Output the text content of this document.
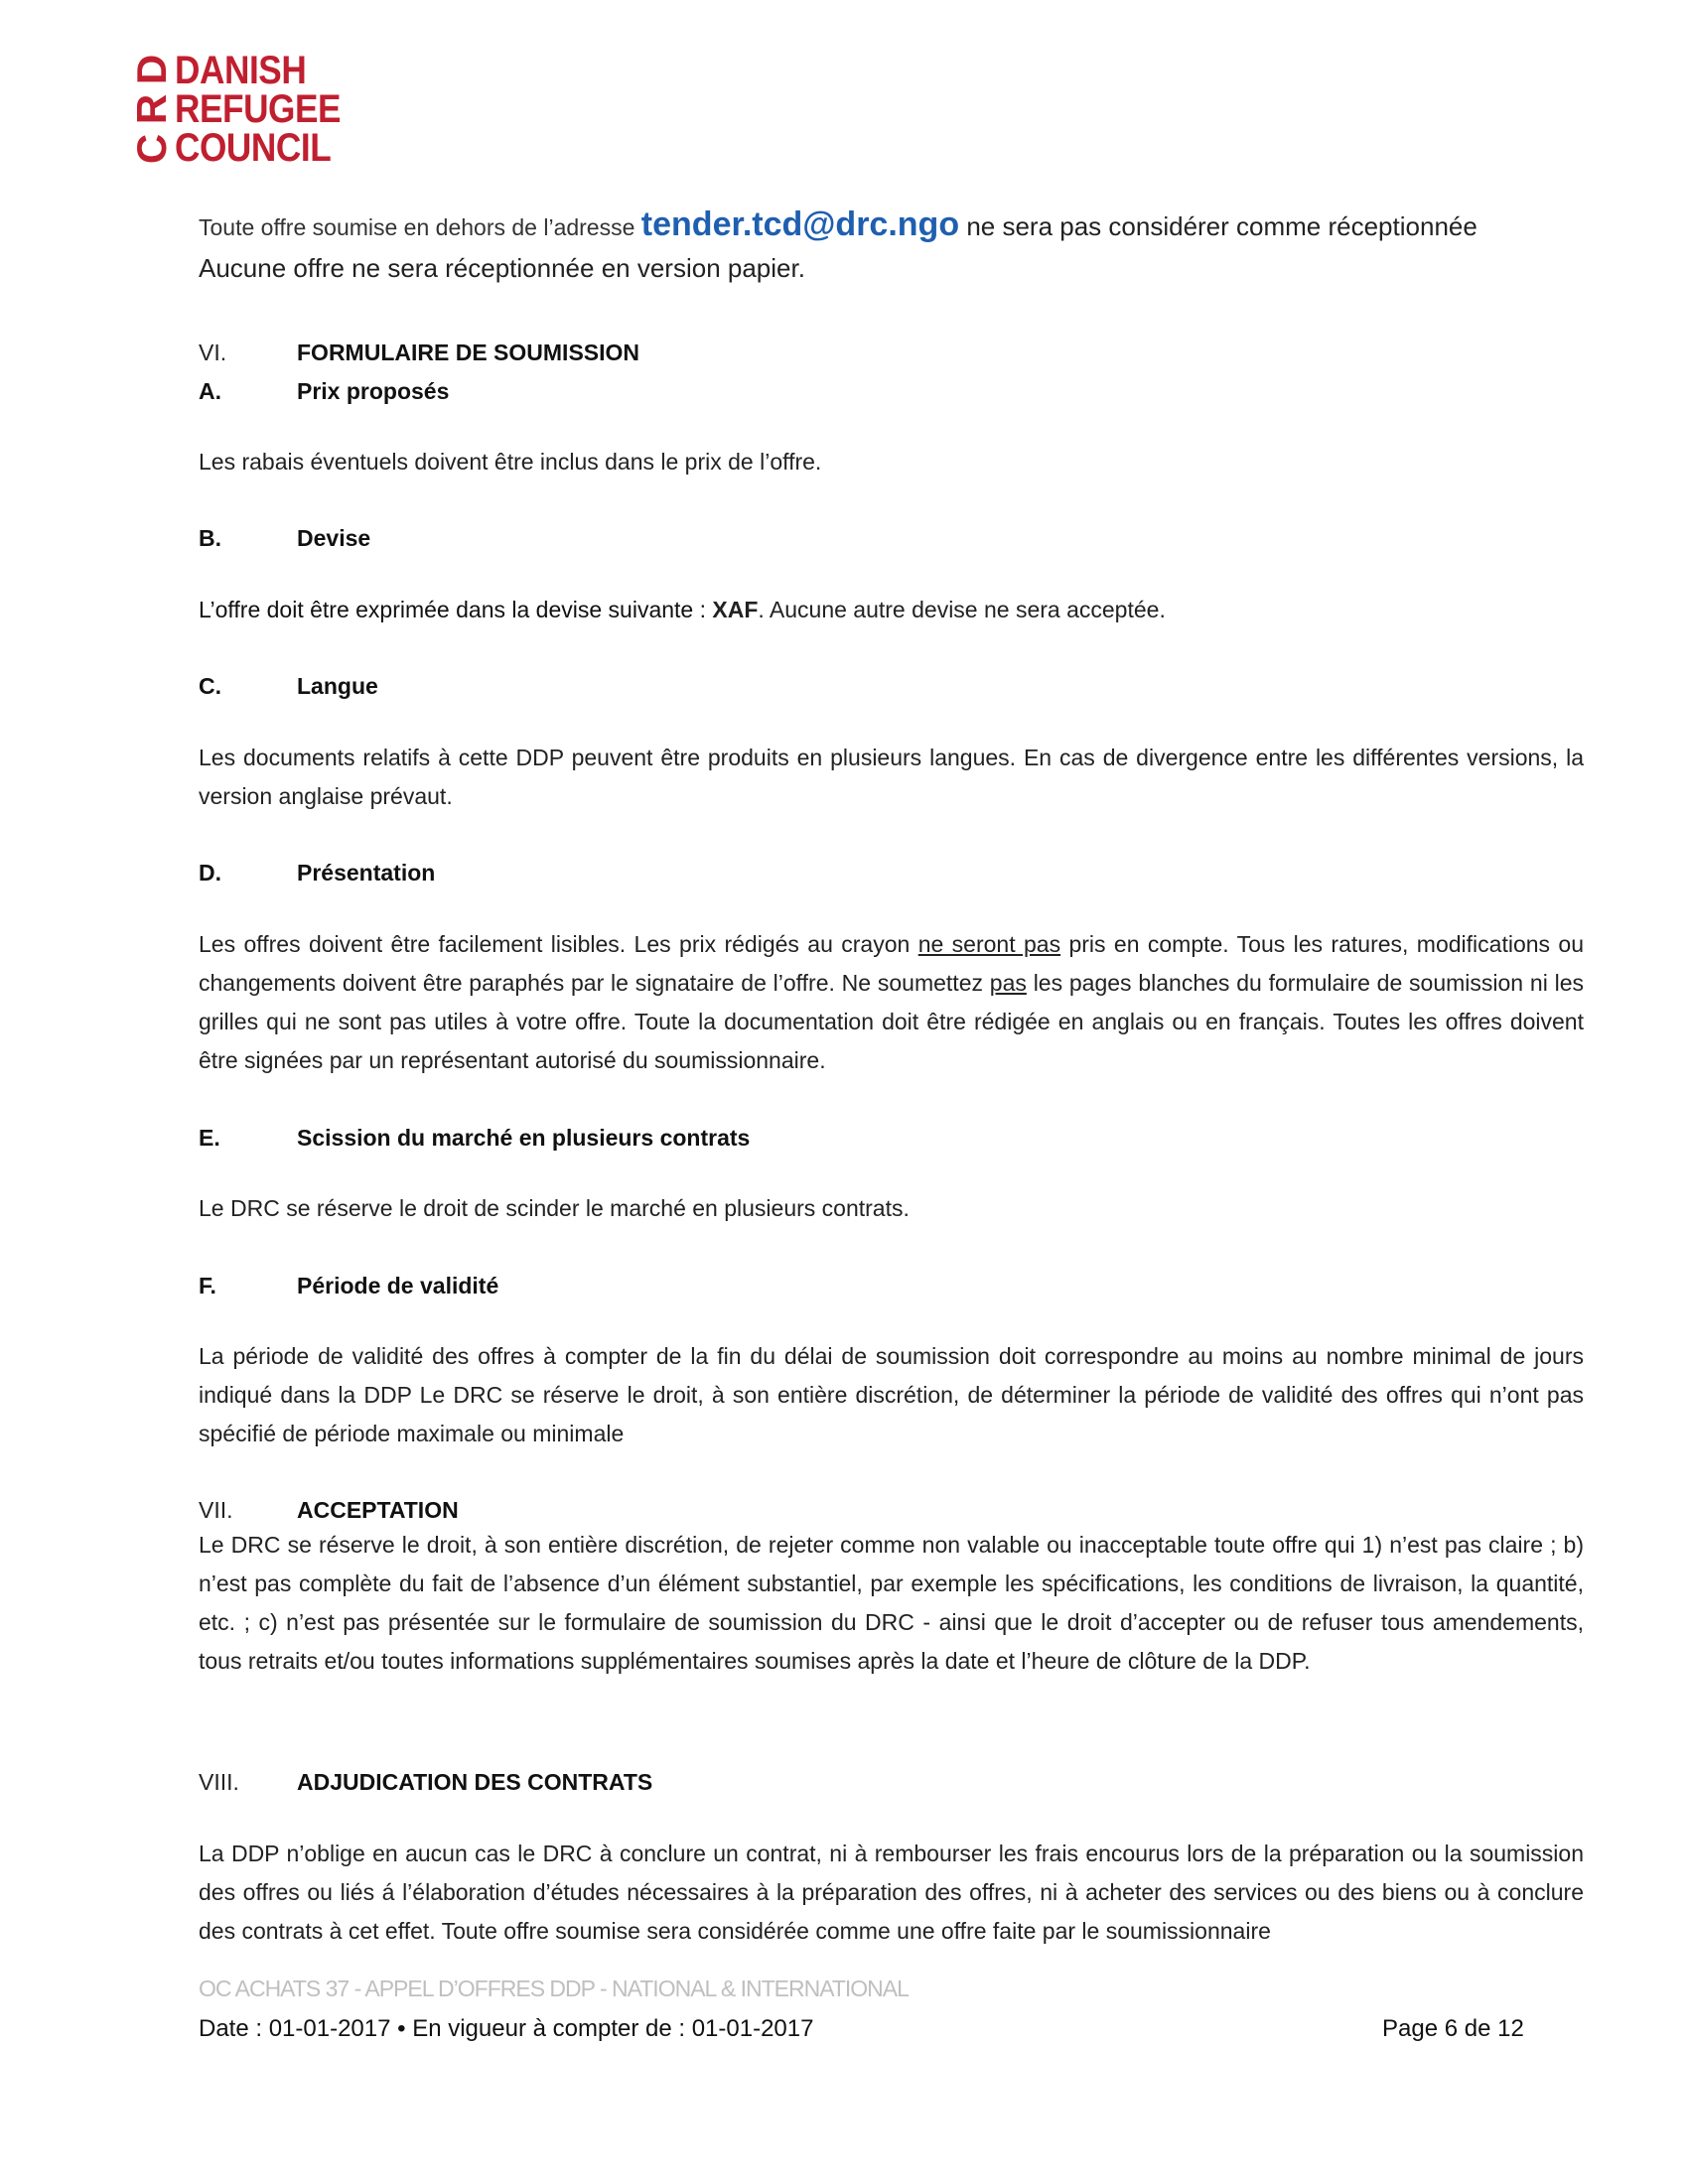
D
R
C
DANISH
REFUGEE
COUNCIL
Toute offre soumise en dehors de l’adresse tender.tcd@drc.ngo ne sera pas considérer comme réceptionnée
Aucune offre ne sera réceptionnée en version papier.
VI.	FORMULAIRE DE SOUMISSION
A.	Prix proposés

Les rabais éventuels doivent être inclus dans le prix de l’offre.

B.	Devise

L’offre doit être exprimée dans la devise suivante : XAF. Aucune autre devise ne sera acceptée.

C.	Langue

Les documents relatifs à cette DDP peuvent être produits en plusieurs langues. En cas de divergence entre les différentes versions, la version anglaise prévaut.

D.	Présentation

Les offres doivent être facilement lisibles. Les prix rédigés au crayon ne seront pas pris en compte. Tous les ratures, modifications ou changements doivent être paraphés par le signataire de l’offre. Ne soumettez pas les pages blanches du formulaire de soumission ni les grilles qui ne sont pas utiles à votre offre. Toute la documentation doit être rédigée en anglais ou en français. Toutes les offres doivent être signées par un représentant autorisé du soumissionnaire.

E.	Scission du marché en plusieurs contrats

Le DRC se réserve le droit de scinder le marché en plusieurs contrats.

F.	Période de validité

La période de validité des offres à compter de la fin du délai de soumission doit correspondre au moins au nombre minimal de jours indiqué dans la DDP Le DRC se réserve le droit, à son entière discrétion, de déterminer la période de validité des offres qui n’ont pas spécifié de période maximale ou minimale

VII.	ACCEPTATION

Le DRC se réserve le droit, à son entière discrétion, de rejeter comme non valable ou inacceptable toute offre qui 1) n’est pas claire ; b) n’est pas complète du fait de l’absence d’un élément substantiel, par exemple les spécifications, les conditions de livraison, la quantité, etc. ; c) n’est pas présentée sur le formulaire de soumission du DRC - ainsi que le droit d’accepter ou de refuser tous amendements, tous retraits et/ou toutes informations supplémentaires soumises après la date et l’heure de clôture de la DDP.

VIII.	ADJUDICATION DES CONTRATS

La DDP n’oblige en aucun cas le DRC à conclure un contrat, ni à rembourser les frais encourus lors de la préparation ou la soumission des offres ou liés á l’élaboration d’études nécessaires à la préparation des offres, ni à acheter des services ou des biens ou à conclure des contrats à cet effet. Toute offre soumise sera considérée comme une offre faite par le soumissionnaire

OC ACHATS 37 - APPEL D’OFFRES DDP - NATIONAL & INTERNATIONAL
Date : 01-01-2017 • En vigueur à compter de : 01-01-2017	Page 6 de 12
